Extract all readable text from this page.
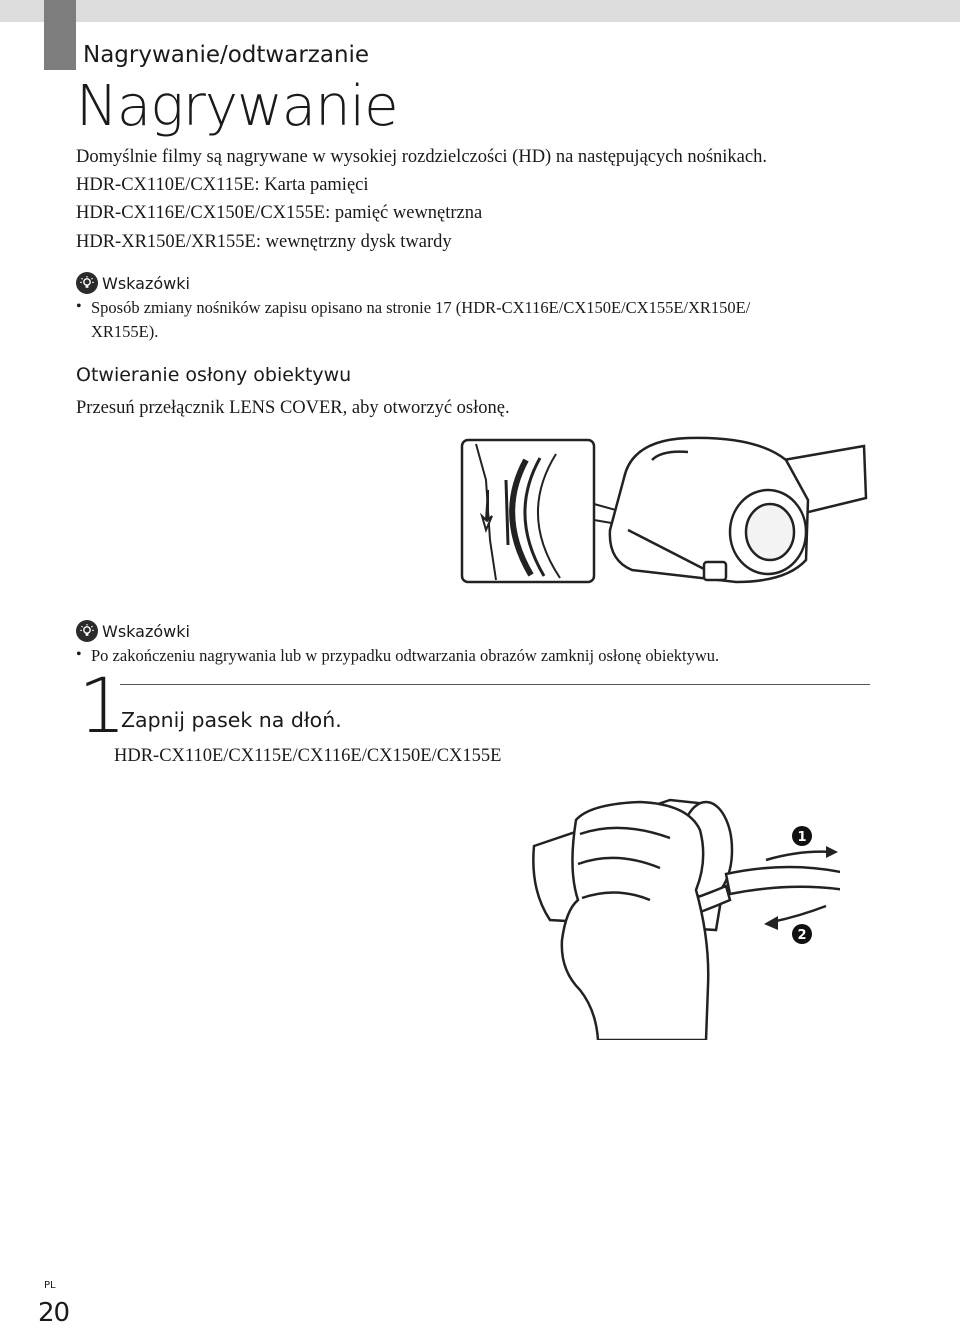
Nagrywanie/odtwarzanie
Nagrywanie
Domyślnie filmy są nagrywane w wysokiej rozdzielczości (HD) na następujących nośnikach.
HDR-CX110E/CX115E: Karta pamięci
HDR-CX116E/CX150E/CX155E: pamięć wewnętrzna
HDR-XR150E/XR155E: wewnętrzny dysk twardy
Wskazówki
• Sposób zmiany nośników zapisu opisano na stronie 17 (HDR-CX116E/CX150E/CX155E/XR150E/
XR155E).
Otwieranie osłony obiektywu
Przesuń przełącznik LENS COVER, aby otworzyć osłonę.
Wskazówki
• Po zakończeniu nagrywania lub w przypadku odtwarzania obrazów zamknij osłonę obiektywu.
1
Zapnij pasek na dłoń.
HDR-CX110E/CX115E/CX116E/CX150E/CX155E
1
2
PL
20
